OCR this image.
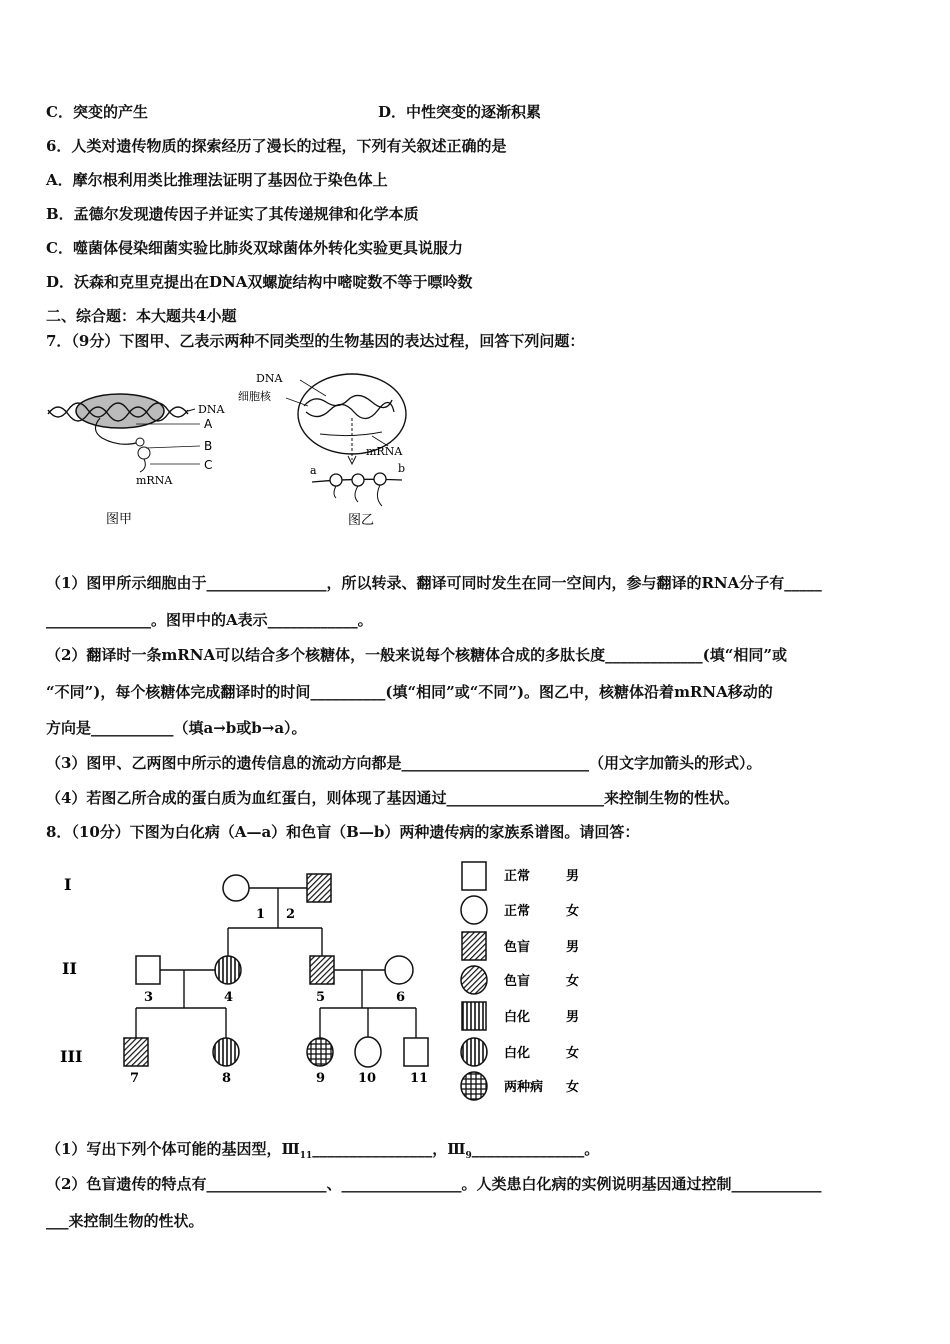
C．突变的产生	D．中性突变的逐渐积累
6．人类对遗传物质的探索经历了漫长的过程，下列有关叙述正确的是
A．摩尔根利用类比推理法证明了基因位于染色体上
B．孟德尔发现遗传因子并证实了其传递规律和化学本质
C．噬菌体侵染细菌实验比肺炎双球菌体外转化实验更具说服力
D．沃森和克里克提出在DNA双螺旋结构中嘧啶数不等于嘌呤数
二、综合题：本大题共4小题
7．（9分）下图甲、乙表示两种不同类型的生物基因的表达过程，回答下列问题：
DNA
A
B
C
mRNA
图甲
DNA
细胞核
mRNA
a	b
图乙
（1）图甲所示细胞由于________________，所以转录、翻译可同时发生在同一空间内，参与翻译的RNA分子有_____
______________。图甲中的A表示____________。
（2）翻译时一条mRNA可以结合多个核糖体，一般来说每个核糖体合成的多肽长度_____________(填“相同”或
“不同”)，每个核糖体完成翻译时的时间__________(填“相同”或“不同”)。图乙中，核糖体沿着mRNA移动的
方向是___________（填a→b或b→a）。
（3）图甲、乙两图中所示的遗传信息的流动方向都是_________________________（用文字加箭头的形式）。
（4）若图乙所合成的蛋白质为血红蛋白，则体现了基因通过_____________________来控制生物的性状。
8．（10分）下图为白化病（A—a）和色盲（B—b）两种遗传病的家族系谱图。请回答：
I
II
III
1 2
3	4	5	6
7	8	9	10	11
正常	男
正常	女
色盲	男
色盲	女
白化	男
白化	女
两种病 女
（1）写出下列个体可能的基因型，$Ⅲ_{11}\_\_\_\_\_\_\_\_\_\_\_\_\_\_\_\_$，$Ⅲ_9\_\_\_\_\_\_\_\_\_\_\_\_\_\_\_$。
（2）色盲遗传的特点有________________、________________。人类患白化病的实例说明基因通过控制____________
___来控制生物的性状。
